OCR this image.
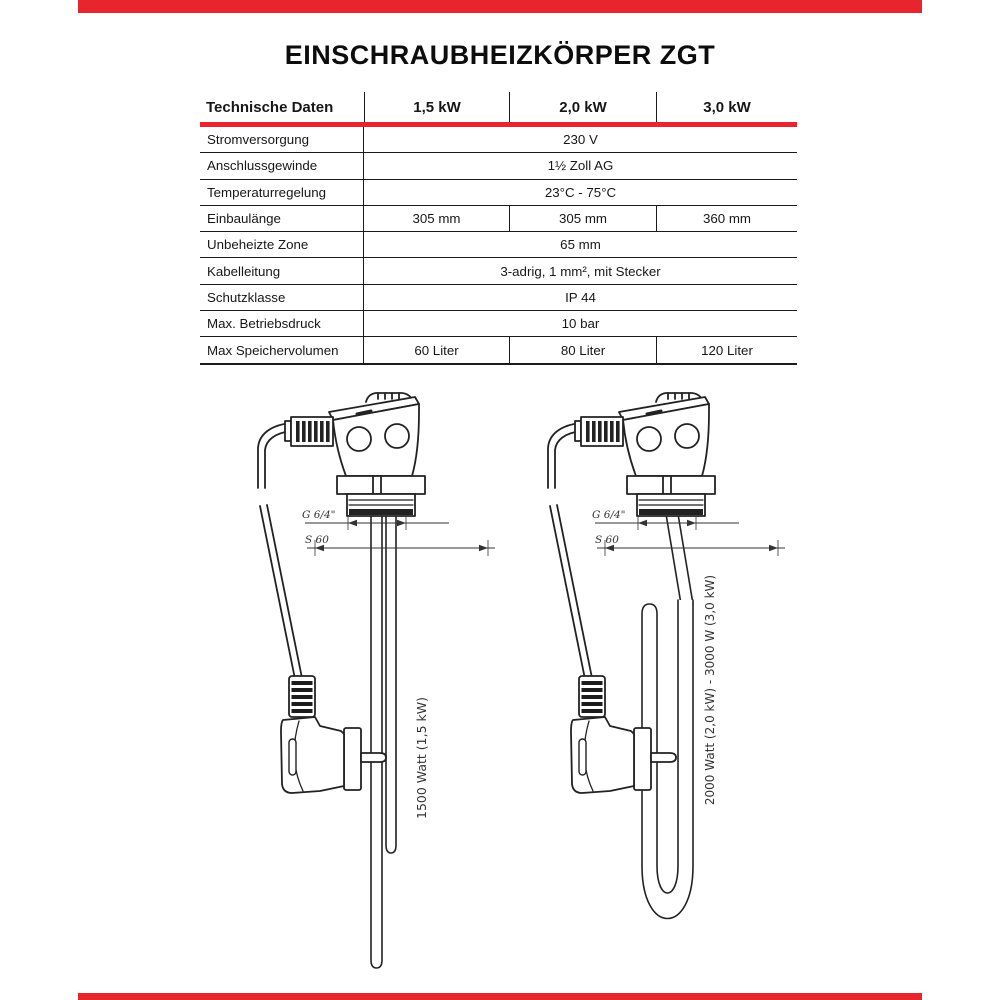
EINSCHRAUBHEIZKÖRPER ZGT
Technische Daten	1,5 kW	2,0 kW	3,0 kW
Stromversorgung	230 V
Anschlussgewinde	1½ Zoll AG
Temperaturregelung	23°C - 75°C
Einbaulänge	305 mm	305 mm	360 mm
Unbeheizte Zone	65 mm
Kabelleitung	3-adrig, 1 mm², mit Stecker
Schutzklasse	IP 44
Max. Betriebsdruck	10 bar
Max Speichervolumen	60 Liter	80 Liter	120 Liter
G 6/4"
S 60
1500 Watt (1,5 kW)
G 6/4"
S 60
2000 Watt (2,0 kW) - 3000 W (3,0 kW)
